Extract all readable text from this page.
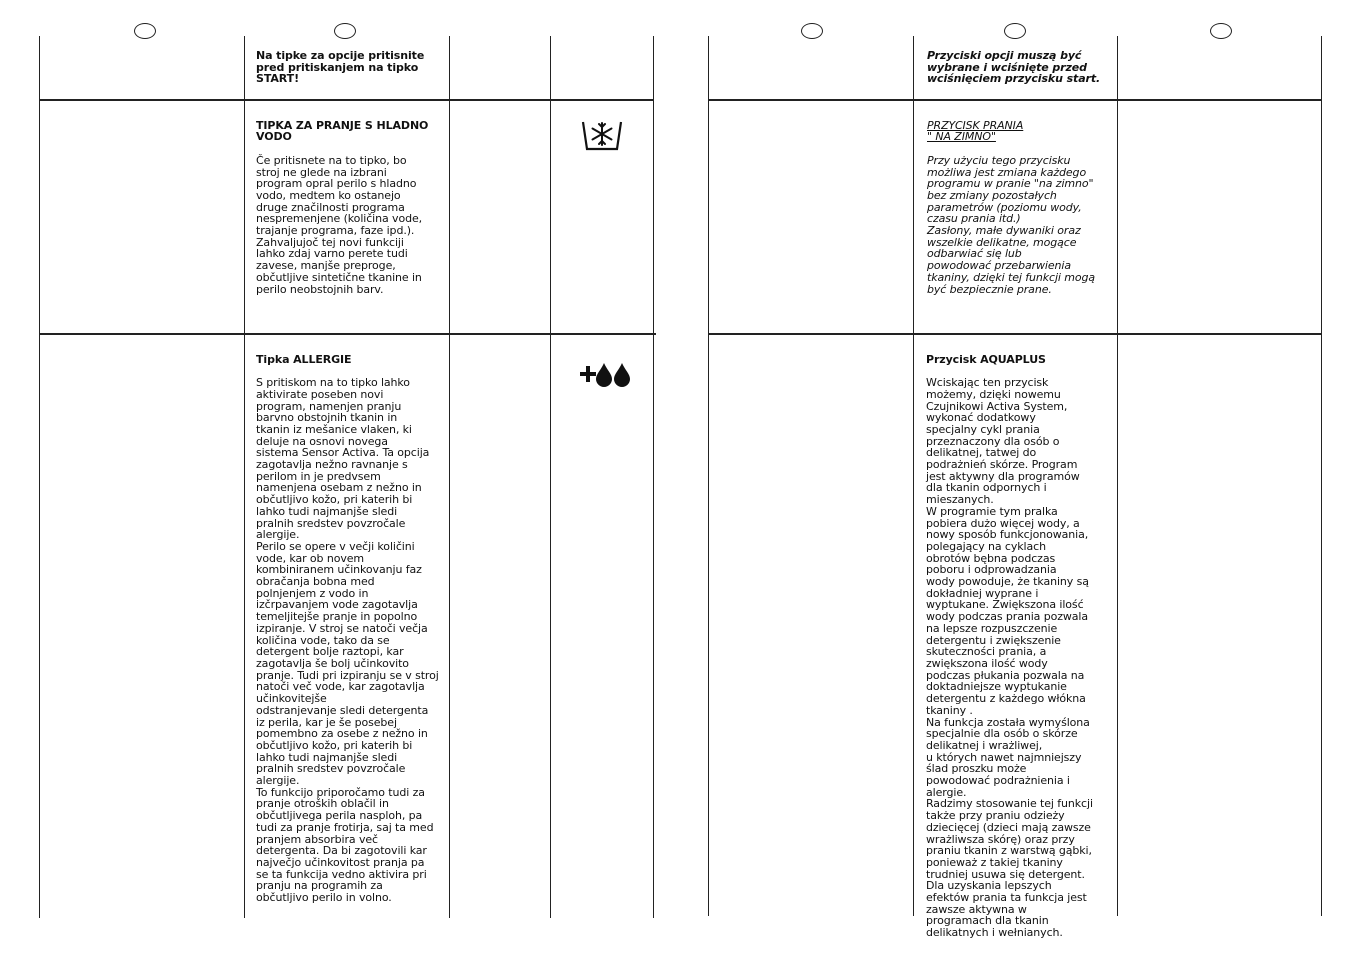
Na tipke za opcije pritisnite
pred pritiskanjem na tipko
START!

TIPKA ZA PRANJE S HLADNO
VODO

Če pritisnete na to tipko, bo
stroj ne glede na izbrani
program opral perilo s hladno
vodo, medtem ko ostanejo
druge značilnosti programa
nespremenjene (količina vode,
trajanje programa, faze ipd.).
Zahvaljujoč tej novi funkciji
lahko zdaj varno perete tudi
zavese, manjše preproge,
občutljive sintetične tkanine in
perilo neobstojnih barv.

Tipka ALLERGIE

S pritiskom na to tipko lahko
aktivirate poseben novi
program, namenjen pranju
barvno obstojnih tkanin in
tkanin iz mešanice vlaken, ki
deluje na osnovi novega
sistema Sensor Activa. Ta opcija
zagotavlja nežno ravnanje s
perilom in je predvsem
namenjena osebam z nežno in
občutljivo kožo, pri katerih bi
lahko tudi najmanjše sledi
pralnih sredstev povzročale
alergije.
Perilo se opere v večji količini
vode, kar ob novem
kombiniranem učinkovanju faz
obračanja bobna med
polnjenjem z vodo in
izčrpavanjem vode zagotavlja
temeljitejše pranje in popolno
izpiranje. V stroj se natoči večja
količina vode, tako da se
detergent bolje raztopi, kar
zagotavlja še bolj učinkovito
pranje. Tudi pri izpiranju se v stroj
natoči več vode, kar zagotavlja
učinkovitejše
odstranjevanje sledi detergenta
iz perila, kar je še posebej
pomembno za osebe z nežno in
občutljivo kožo, pri katerih bi
lahko tudi najmanjše sledi
pralnih sredstev povzročale
alergije.
To funkcijo priporočamo tudi za
pranje otroških oblačil in
občutljivega perila nasploh, pa
tudi za pranje frotirja, saj ta med
pranjem absorbira več
detergenta. Da bi zagotovili kar
največjo učinkovitost pranja pa
se ta funkcija vedno aktivira pri
pranju na programih za
občutljivo perilo in volno.

Przyciski opcji muszą być
wybrane i wciśnięte przed
wciśnięciem przycisku start.

PRZYCISK PRANIA
" NA ZIMNO"

Przy użyciu tego przycisku
możliwa jest zmiana każdego
programu w pranie "na zimno"
bez zmiany pozostałych
parametrów (poziomu wody,
czasu prania itd.)
Zasłony, małe dywaniki oraz
wszelkie delikatne, mogące
odbarwiać się lub
powodować przebarwienia
tkaniny, dzięki tej funkcji mogą
być bezpiecznie prane.

Przycisk AQUAPLUS

Wciskając ten przycisk
możemy, dzięki nowemu
Czujnikowi Activa System,
wykonać dodatkowy
specjalny cykl prania
przeznaczony dla osób o
delikatnej, tatwej do
podrażnień skórze. Program
jest aktywny dla programów
dla tkanin odpornych i
mieszanych.
W programie tym pralka
pobiera dużo więcej wody, a
nowy sposób funkcjonowania,
polegający na cyklach
obrotów bębna podczas
poboru i odprowadzania
wody powoduje, że tkaniny są
dokładniej wyprane i
wyptukane. Zwiększona ilość
wody podczas prania pozwala
na lepsze rozpuszczenie
detergentu i zwiększenie
skuteczności prania, a
zwiększona ilość wody
podczas płukania pozwala na
doktadniejsze wyptukanie
detergentu z każdego włókna
tkaniny .
Na funkcja została wymyślona
specjalnie dla osób o skórze
delikatnej i wrażliwej,
u których nawet najmniejszy
ślad proszku może
powodować podrażnienia i
alergie.
Radzimy stosowanie tej funkcji
także przy praniu odzieży
dziecięcej (dzieci mają zawsze
wrażliwsza skórę) oraz przy
praniu tkanin z warstwą gąbki,
ponieważ z takiej tkaniny
trudniej usuwa się detergent.
Dla uzyskania lepszych
efektów prania ta funkcja jest
zawsze aktywna w
programach dla tkanin
delikatnych i wełnianych.
